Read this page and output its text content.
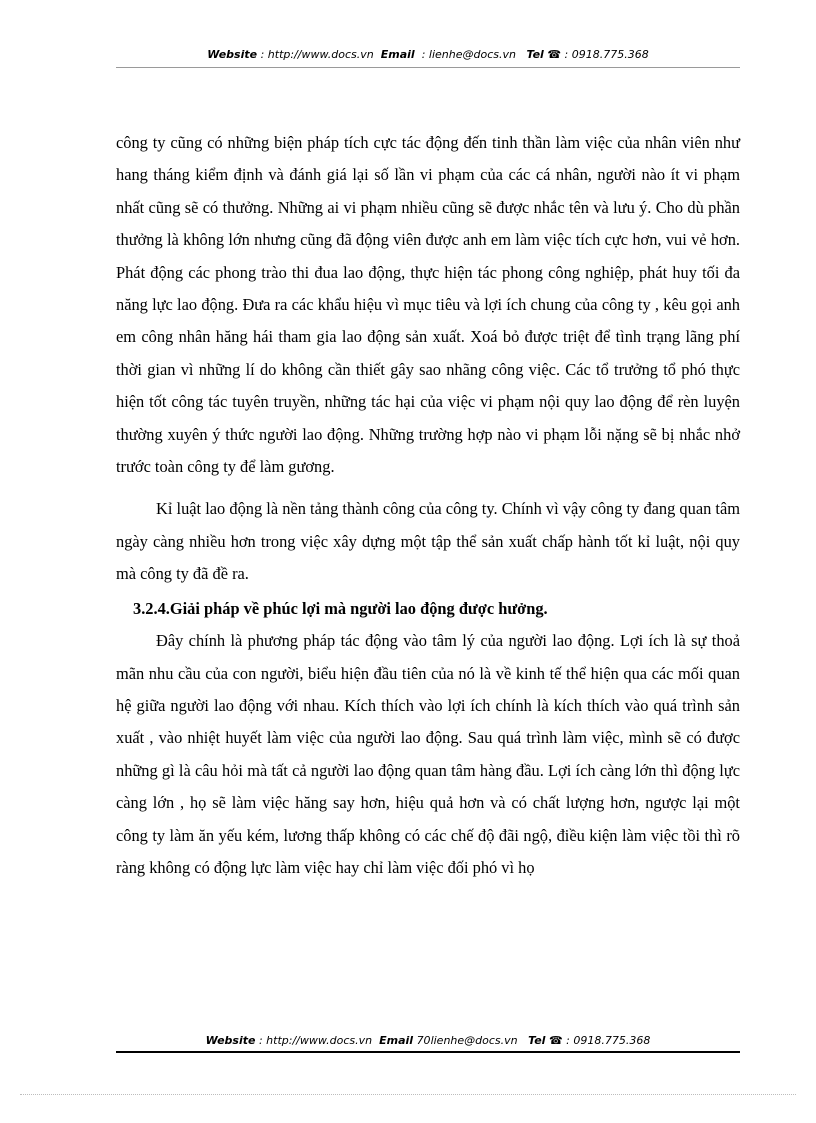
Website : http://www.docs.vn Email : lienhe@docs.vn Tel ☎ : 0918.775.368

công ty cũng có những biện pháp tích cực tác động đến tinh thần làm việc của nhân viên như hang tháng kiểm định và đánh giá lại số lần vi phạm của các cá nhân, người nào ít vi phạm nhất cũng sẽ có thưởng. Những ai vi phạm nhiều cũng sẽ được nhắc tên và lưu ý. Cho dù phần thưởng là không lớn nhưng cũng đã động viên được anh em làm việc tích cực hơn, vui vẻ hơn. Phát động các phong trào thi đua lao động, thực hiện tác phong công nghiệp, phát huy tối đa năng lực lao động. Đưa ra các khẩu hiệu vì mục tiêu và lợi ích chung của công ty , kêu gọi anh em công nhân hăng hái tham gia lao động sản xuất. Xoá bỏ được triệt để tình trạng lãng phí thời gian vì những lí do không cần thiết gây sao nhãng công việc. Các tổ trưởng tổ phó thực hiện tốt công tác tuyên truyền, những tác hại của việc vi phạm nội quy lao động để rèn luyện thường xuyên ý thức người lao động. Những trường hợp nào vi phạm lỗi nặng sẽ bị nhắc nhở trước toàn công ty để làm gương.

Kỉ luật lao động là nền tảng thành công của công ty. Chính vì vậy công ty đang quan tâm ngày càng nhiều hơn trong việc xây dựng một tập thể sản xuất chấp hành tốt kỉ luật, nội quy mà công ty đã đề ra.

3.2.4.Giải pháp về phúc lợi mà người lao động được hưởng.

Đây chính là phương pháp tác động vào tâm lý của người lao động. Lợi ích là sự thoả mãn nhu cầu của con người, biểu hiện đầu tiên của nó là về kinh tế thể hiện qua các mối quan hệ giữa người lao động với nhau. Kích thích vào lợi ích chính là kích thích vào quá trình sản xuất , vào nhiệt huyết làm việc của người lao động. Sau quá trình làm việc, mình sẽ có được những gì là câu hỏi mà tất cả người lao động quan tâm hàng đầu. Lợi ích càng lớn thì động lực càng lớn , họ sẽ làm việc hăng say hơn, hiệu quả hơn và có chất lượng hơn, ngược lại một công ty làm ăn yếu kém, lương thấp không có các chế độ đãi ngộ, điều kiện làm việc tồi thì rõ ràng không có động lực làm việc hay chỉ làm việc đối phó vì họ

Website : http://www.docs.vn Email 70lienhe@docs.vn Tel ☎ : 0918.775.368
